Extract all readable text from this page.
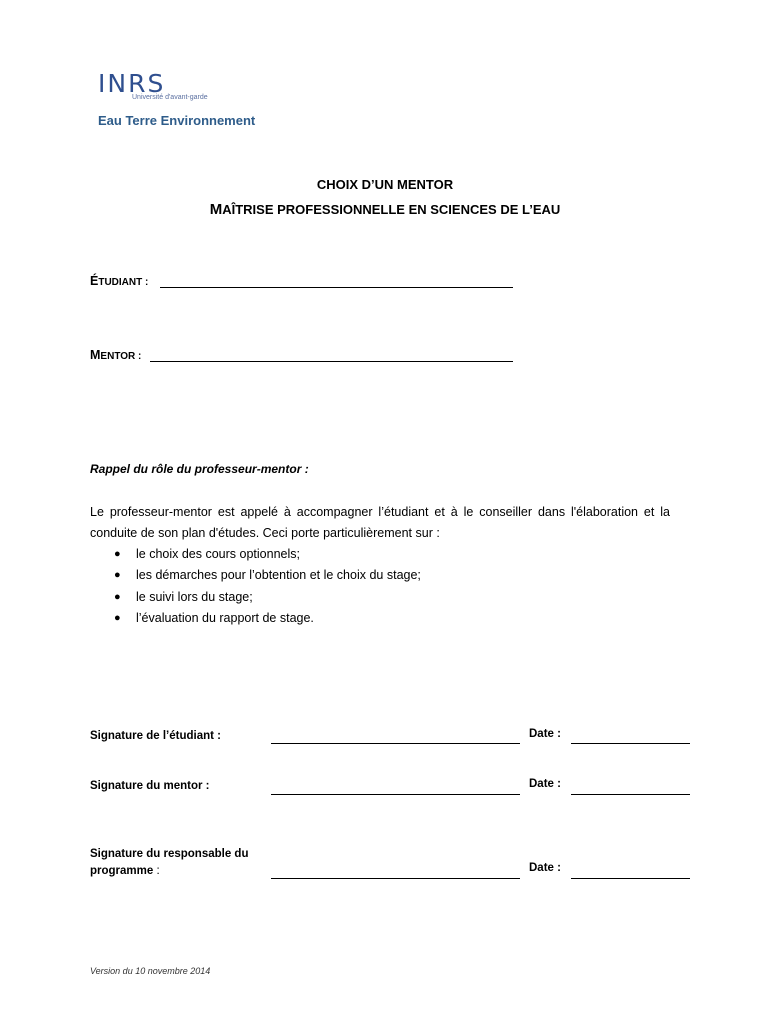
INRS
Université d'avant-garde
Eau Terre Environnement
CHOIX D’UN MENTOR
MAÎTRISE PROFESSIONNELLE EN SCIENCES DE L’EAU
ÉTUDIANT :
MENTOR :
Rappel du rôle du professeur-mentor :
Le professeur-mentor est appelé à accompagner l’étudiant et à le conseiller dans l'élaboration et la conduite de son plan d'études. Ceci porte particulièrement sur :
● le choix des cours optionnels;
● les démarches pour l’obtention et le choix du stage;
● le suivi lors du stage;
● l’évaluation du rapport de stage.
Signature de l’étudiant :	Date :
Signature du mentor :	Date :
Signature du responsable du
programme :	Date :
Version du 10 novembre 2014
